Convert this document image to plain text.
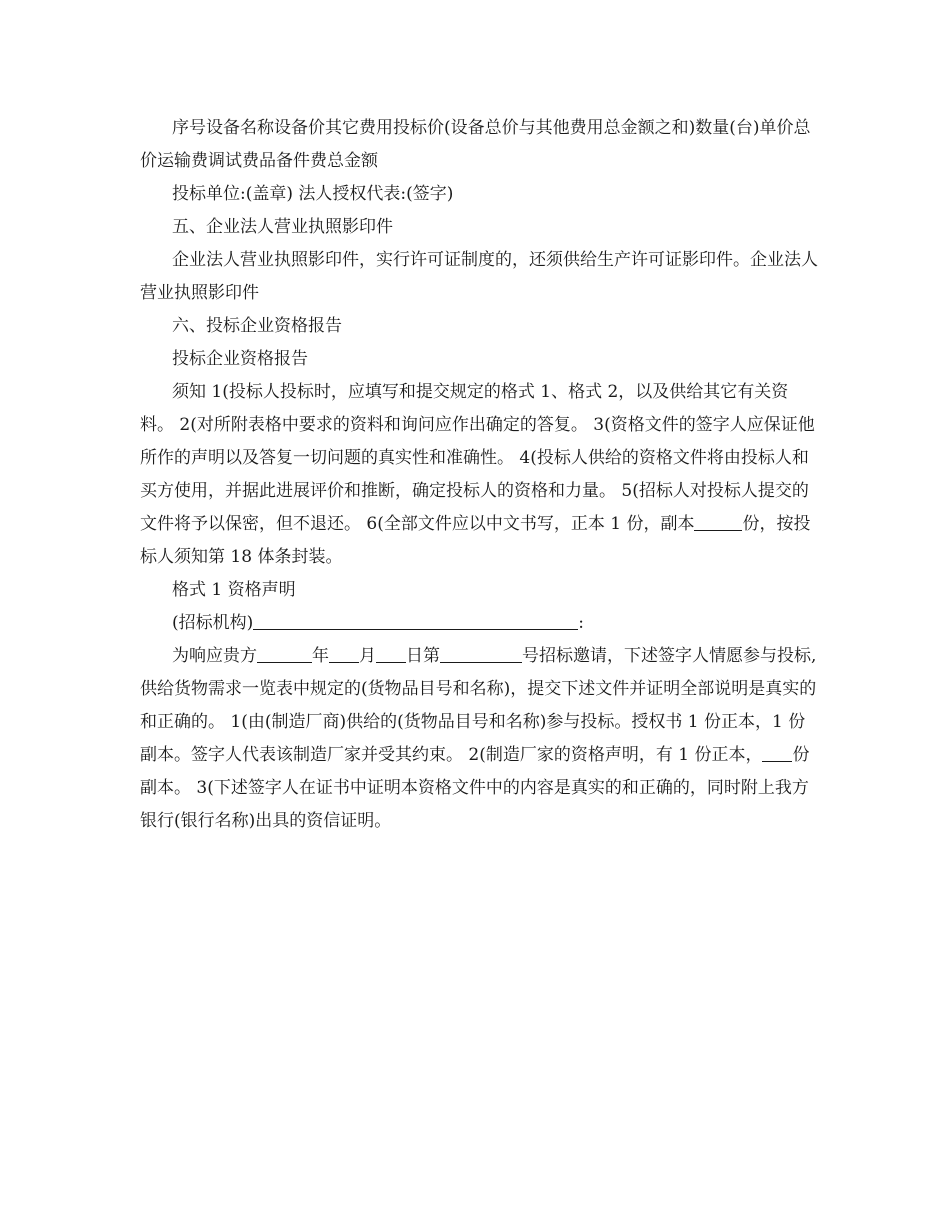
序号设备名称设备价其它费用投标价(设备总价与其他费用总金额之和)数量(台)单价总价运输费调试费品备件费总金额

投标单位:(盖章) 法人授权代表:(签字)

五、企业法人营业执照影印件

企业法人营业执照影印件，实行许可证制度的，还须供给生产许可证影印件。企业法人营业执照影印件

六、投标企业资格报告

投标企业资格报告

须知 1(投标人投标时，应填写和提交规定的格式 1、格式 2，以及供给其它有关资料。 2(对所附表格中要求的资料和询问应作出确定的答复。 3(资格文件的签字人应保证他所作的声明以及答复一切问题的真实性和准确性。 4(投标人供给的资格文件将由投标人和买方使用，并据此进展评价和推断，确定投标人的资格和力量。 5(招标人对投标人提交的文件将予以保密，但不退还。 6(全部文件应以中文书写，正本 1 份，副本	份，按投标人须知第 18 体条封装。

格式 1 资格声明

(招标机构)	:

为响应贵方	年 月 日第	号招标邀请，下述签字人情愿参与投标,供给货物需求一览表中规定的(货物品目号和名称)，提交下述文件并证明全部说明是真实的和正确的。 1(由(制造厂商)供给的(货物品目号和名称)参与投标。授权书 1 份正本，1 份副本。签字人代表该制造厂家并受其约束。 2(制造厂家的资格声明，有 1 份正本， 份副本。 3(下述签字人在证书中证明本资格文件中的内容是真实的和正确的，同时附上我方银行(银行名称)出具的资信证明。
